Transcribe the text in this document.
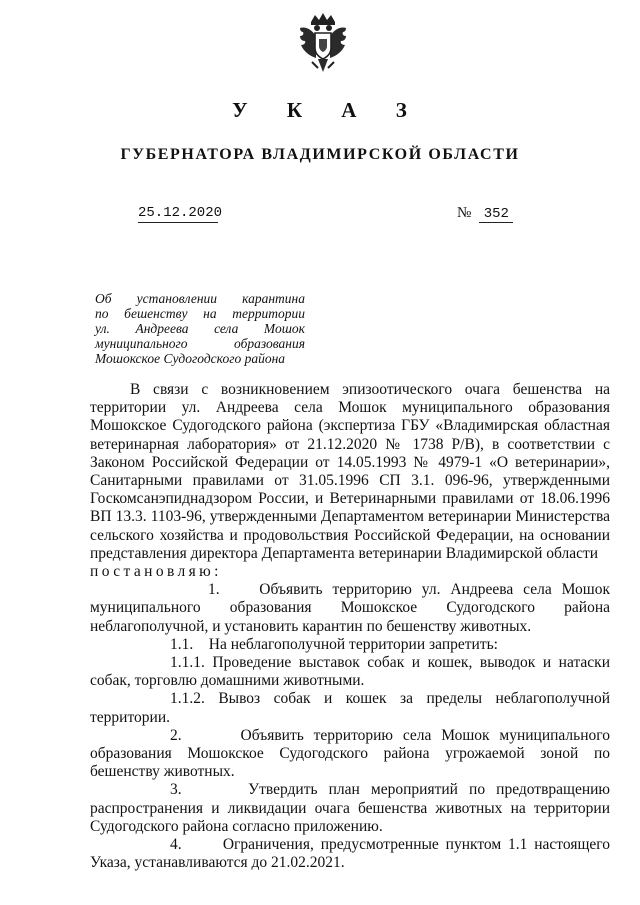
У К А З
ГУБЕРНАТОРА ВЛАДИМИРСКОЙ ОБЛАСТИ
25.12.2020	№ 352
Об установлении карантина
по бешенству на территории
ул. Андреева села Мошок
муниципального образования
Мошокское Судогодского района

В связи с возникновением эпизоотического очага бешенства на территории ул. Андреева села Мошок муниципального образования Мошокское Судогодского района (экспертиза ГБУ «Владимирская областная ветеринарная лаборатория» от 21.12.2020 № 1738 Р/В), в соответствии с Законом Российской Федерации от 14.05.1993 № 4979-1 «О ветеринарии», Санитарными правилами от 31.05.1996 СП 3.1. 096-96, утвержденными Госкомсанэпиднадзором России, и Ветеринарными правилами от 18.06.1996 ВП 13.3. 1103-96, утвержденными Департаментом ветеринарии Министерства сельского хозяйства и продовольствия Российской Федерации, на основании представления директора Департамента ветеринарии Владимирской области

постановляю:

1.	Объявить территорию ул. Андреева села Мошок муниципального образования Мошокское Судогодского района неблагополучной, и установить карантин по бешенству животных.

1.1. На неблагополучной территории запретить:

1.1.1. Проведение выставок собак и кошек, выводок и натаски собак, торговлю домашними животными.

1.1.2. Вывоз собак и кошек за пределы неблагополучной территории.

2.	Объявить территорию села Мошок муниципального образования Мошокское Судогодского района угрожаемой зоной по бешенству животных.

3.	Утвердить план мероприятий по предотвращению распространения и ликвидации очага бешенства животных на территории Судогодского района согласно приложению.

4.	Ограничения, предусмотренные пунктом 1.1 настоящего Указа, устанавливаются до 21.02.2021.
